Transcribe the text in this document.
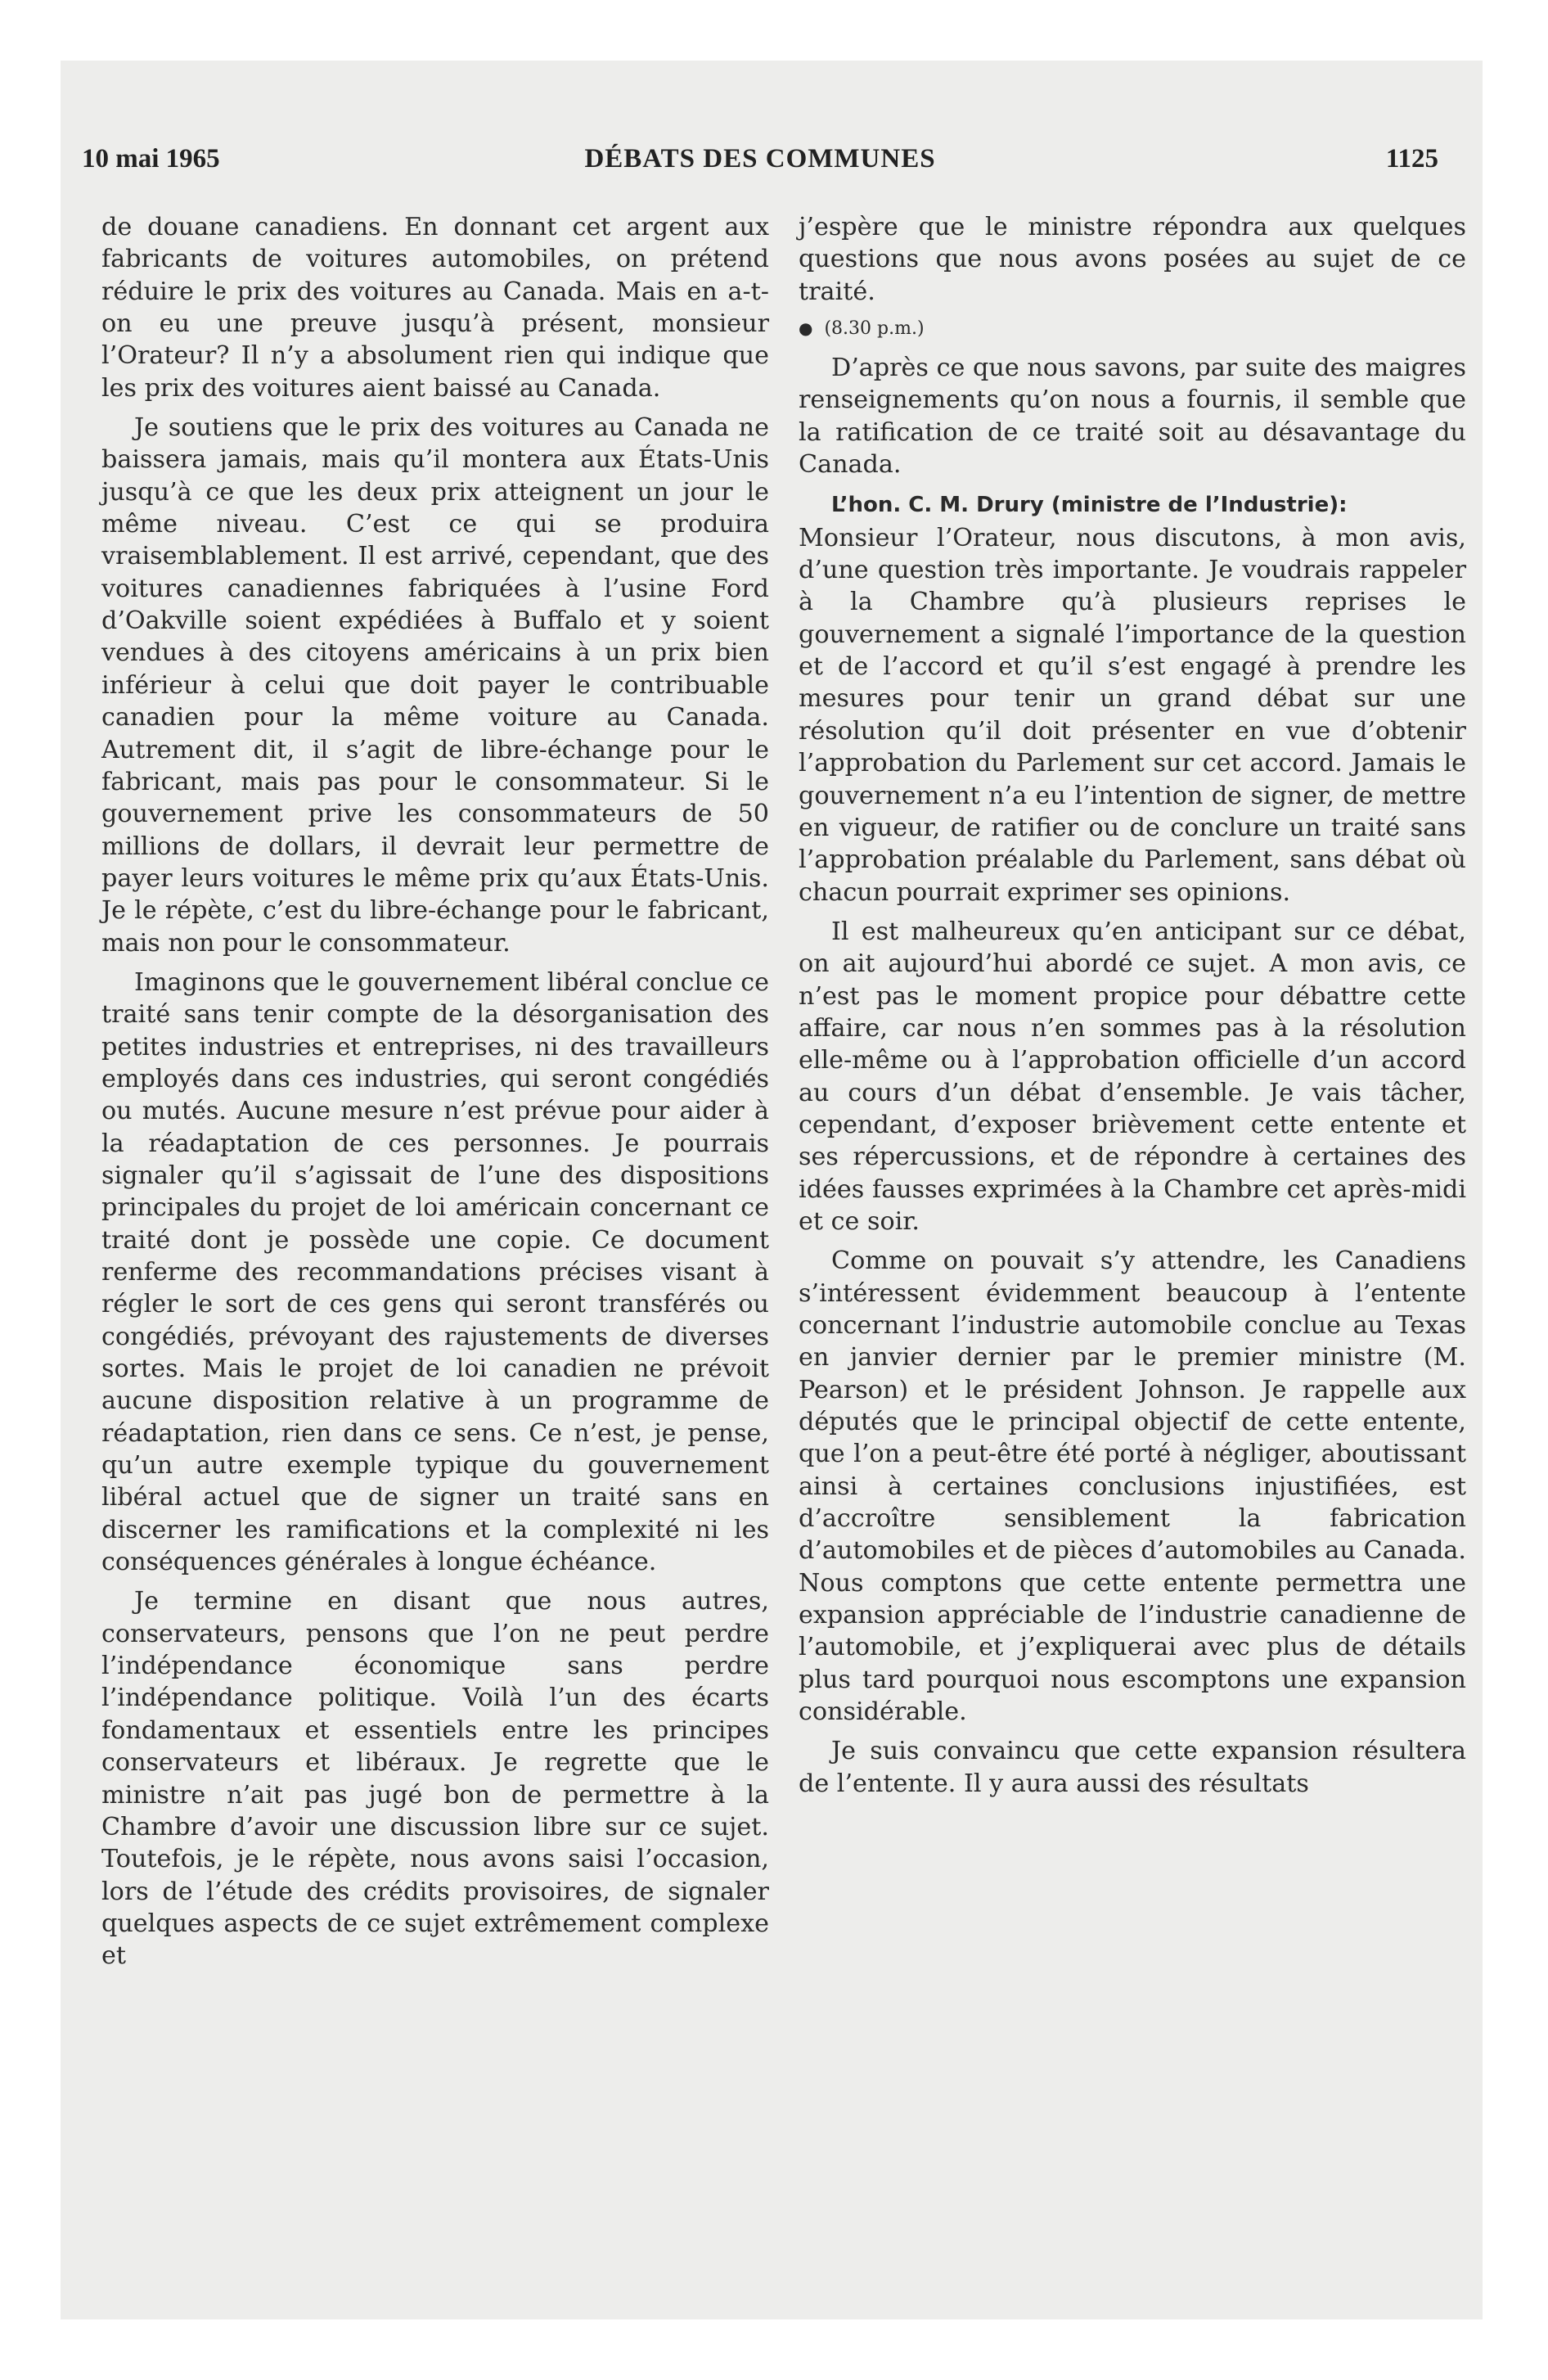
10 mai 1965	DÉBATS DES COMMUNES	1125

de douane canadiens. En donnant cet argent aux fabricants de voitures automobiles, on prétend réduire le prix des voitures au Canada. Mais en a-t-on eu une preuve jusqu’à présent, monsieur l’Orateur? Il n’y a absolument rien qui indique que les prix des voitures aient baissé au Canada.

Je soutiens que le prix des voitures au Canada ne baissera jamais, mais qu’il montera aux États-Unis jusqu’à ce que les deux prix atteignent un jour le même niveau. C’est ce qui se produira vraisemblablement. Il est arrivé, cependant, que des voitures canadiennes fabriquées à l’usine Ford d’Oakville soient expédiées à Buffalo et y soient vendues à des citoyens américains à un prix bien inférieur à celui que doit payer le contribuable canadien pour la même voiture au Canada. Autrement dit, il s’agit de libre-échange pour le fabricant, mais pas pour le consommateur. Si le gouvernement prive les consommateurs de 50 millions de dollars, il devrait leur permettre de payer leurs voitures le même prix qu’aux États-Unis. Je le répète, c’est du libre-échange pour le fabricant, mais non pour le consommateur.

Imaginons que le gouvernement libéral conclue ce traité sans tenir compte de la désorganisation des petites industries et entreprises, ni des travailleurs employés dans ces industries, qui seront congédiés ou mutés. Aucune mesure n’est prévue pour aider à la réadaptation de ces personnes. Je pourrais signaler qu’il s’agissait de l’une des dispositions principales du projet de loi américain concernant ce traité dont je possède une copie. Ce document renferme des recommandations précises visant à régler le sort de ces gens qui seront transférés ou congédiés, prévoyant des rajustements de diverses sortes. Mais le projet de loi canadien ne prévoit aucune disposition relative à un programme de réadaptation, rien dans ce sens. Ce n’est, je pense, qu’un autre exemple typique du gouvernement libéral actuel que de signer un traité sans en discerner les ramifications et la complexité ni les conséquences générales à longue échéance.

Je termine en disant que nous autres, conservateurs, pensons que l’on ne peut perdre l’indépendance économique sans perdre l’indépendance politique. Voilà l’un des écarts fondamentaux et essentiels entre les principes conservateurs et libéraux. Je regrette que le ministre n’ait pas jugé bon de permettre à la Chambre d’avoir une discussion libre sur ce sujet. Toutefois, je le répète, nous avons saisi l’occasion, lors de l’étude des crédits provisoires, de signaler quelques aspects de ce sujet extrêmement complexe et

j’espère que le ministre répondra aux quelques questions que nous avons posées au sujet de ce traité.

● (8.30 p.m.)

D’après ce que nous savons, par suite des maigres renseignements qu’on nous a fournis, il semble que la ratification de ce traité soit au désavantage du Canada.

L’hon. C. M. Drury (ministre de l’Industrie):

Monsieur l’Orateur, nous discutons, à mon avis, d’une question très importante. Je voudrais rappeler à la Chambre qu’à plusieurs reprises le gouvernement a signalé l’importance de la question et de l’accord et qu’il s’est engagé à prendre les mesures pour tenir un grand débat sur une résolution qu’il doit présenter en vue d’obtenir l’approbation du Parlement sur cet accord. Jamais le gouvernement n’a eu l’intention de signer, de mettre en vigueur, de ratifier ou de conclure un traité sans l’approbation préalable du Parlement, sans débat où chacun pourrait exprimer ses opinions.

Il est malheureux qu’en anticipant sur ce débat, on ait aujourd’hui abordé ce sujet. A mon avis, ce n’est pas le moment propice pour débattre cette affaire, car nous n’en sommes pas à la résolution elle-même ou à l’approbation officielle d’un accord au cours d’un débat d’ensemble. Je vais tâcher, cependant, d’exposer brièvement cette entente et ses répercussions, et de répondre à certaines des idées fausses exprimées à la Chambre cet après-midi et ce soir.

Comme on pouvait s’y attendre, les Canadiens s’intéressent évidemment beaucoup à l’entente concernant l’industrie automobile conclue au Texas en janvier dernier par le premier ministre (M. Pearson) et le président Johnson. Je rappelle aux députés que le principal objectif de cette entente, que l’on a peut-être été porté à négliger, aboutissant ainsi à certaines conclusions injustifiées, est d’accroître sensiblement la fabrication d’automobiles et de pièces d’automobiles au Canada. Nous comptons que cette entente permettra une expansion appréciable de l’industrie canadienne de l’automobile, et j’expliquerai avec plus de détails plus tard pourquoi nous escomptons une expansion considérable.

Je suis convaincu que cette expansion résultera de l’entente. Il y aura aussi des résultats
